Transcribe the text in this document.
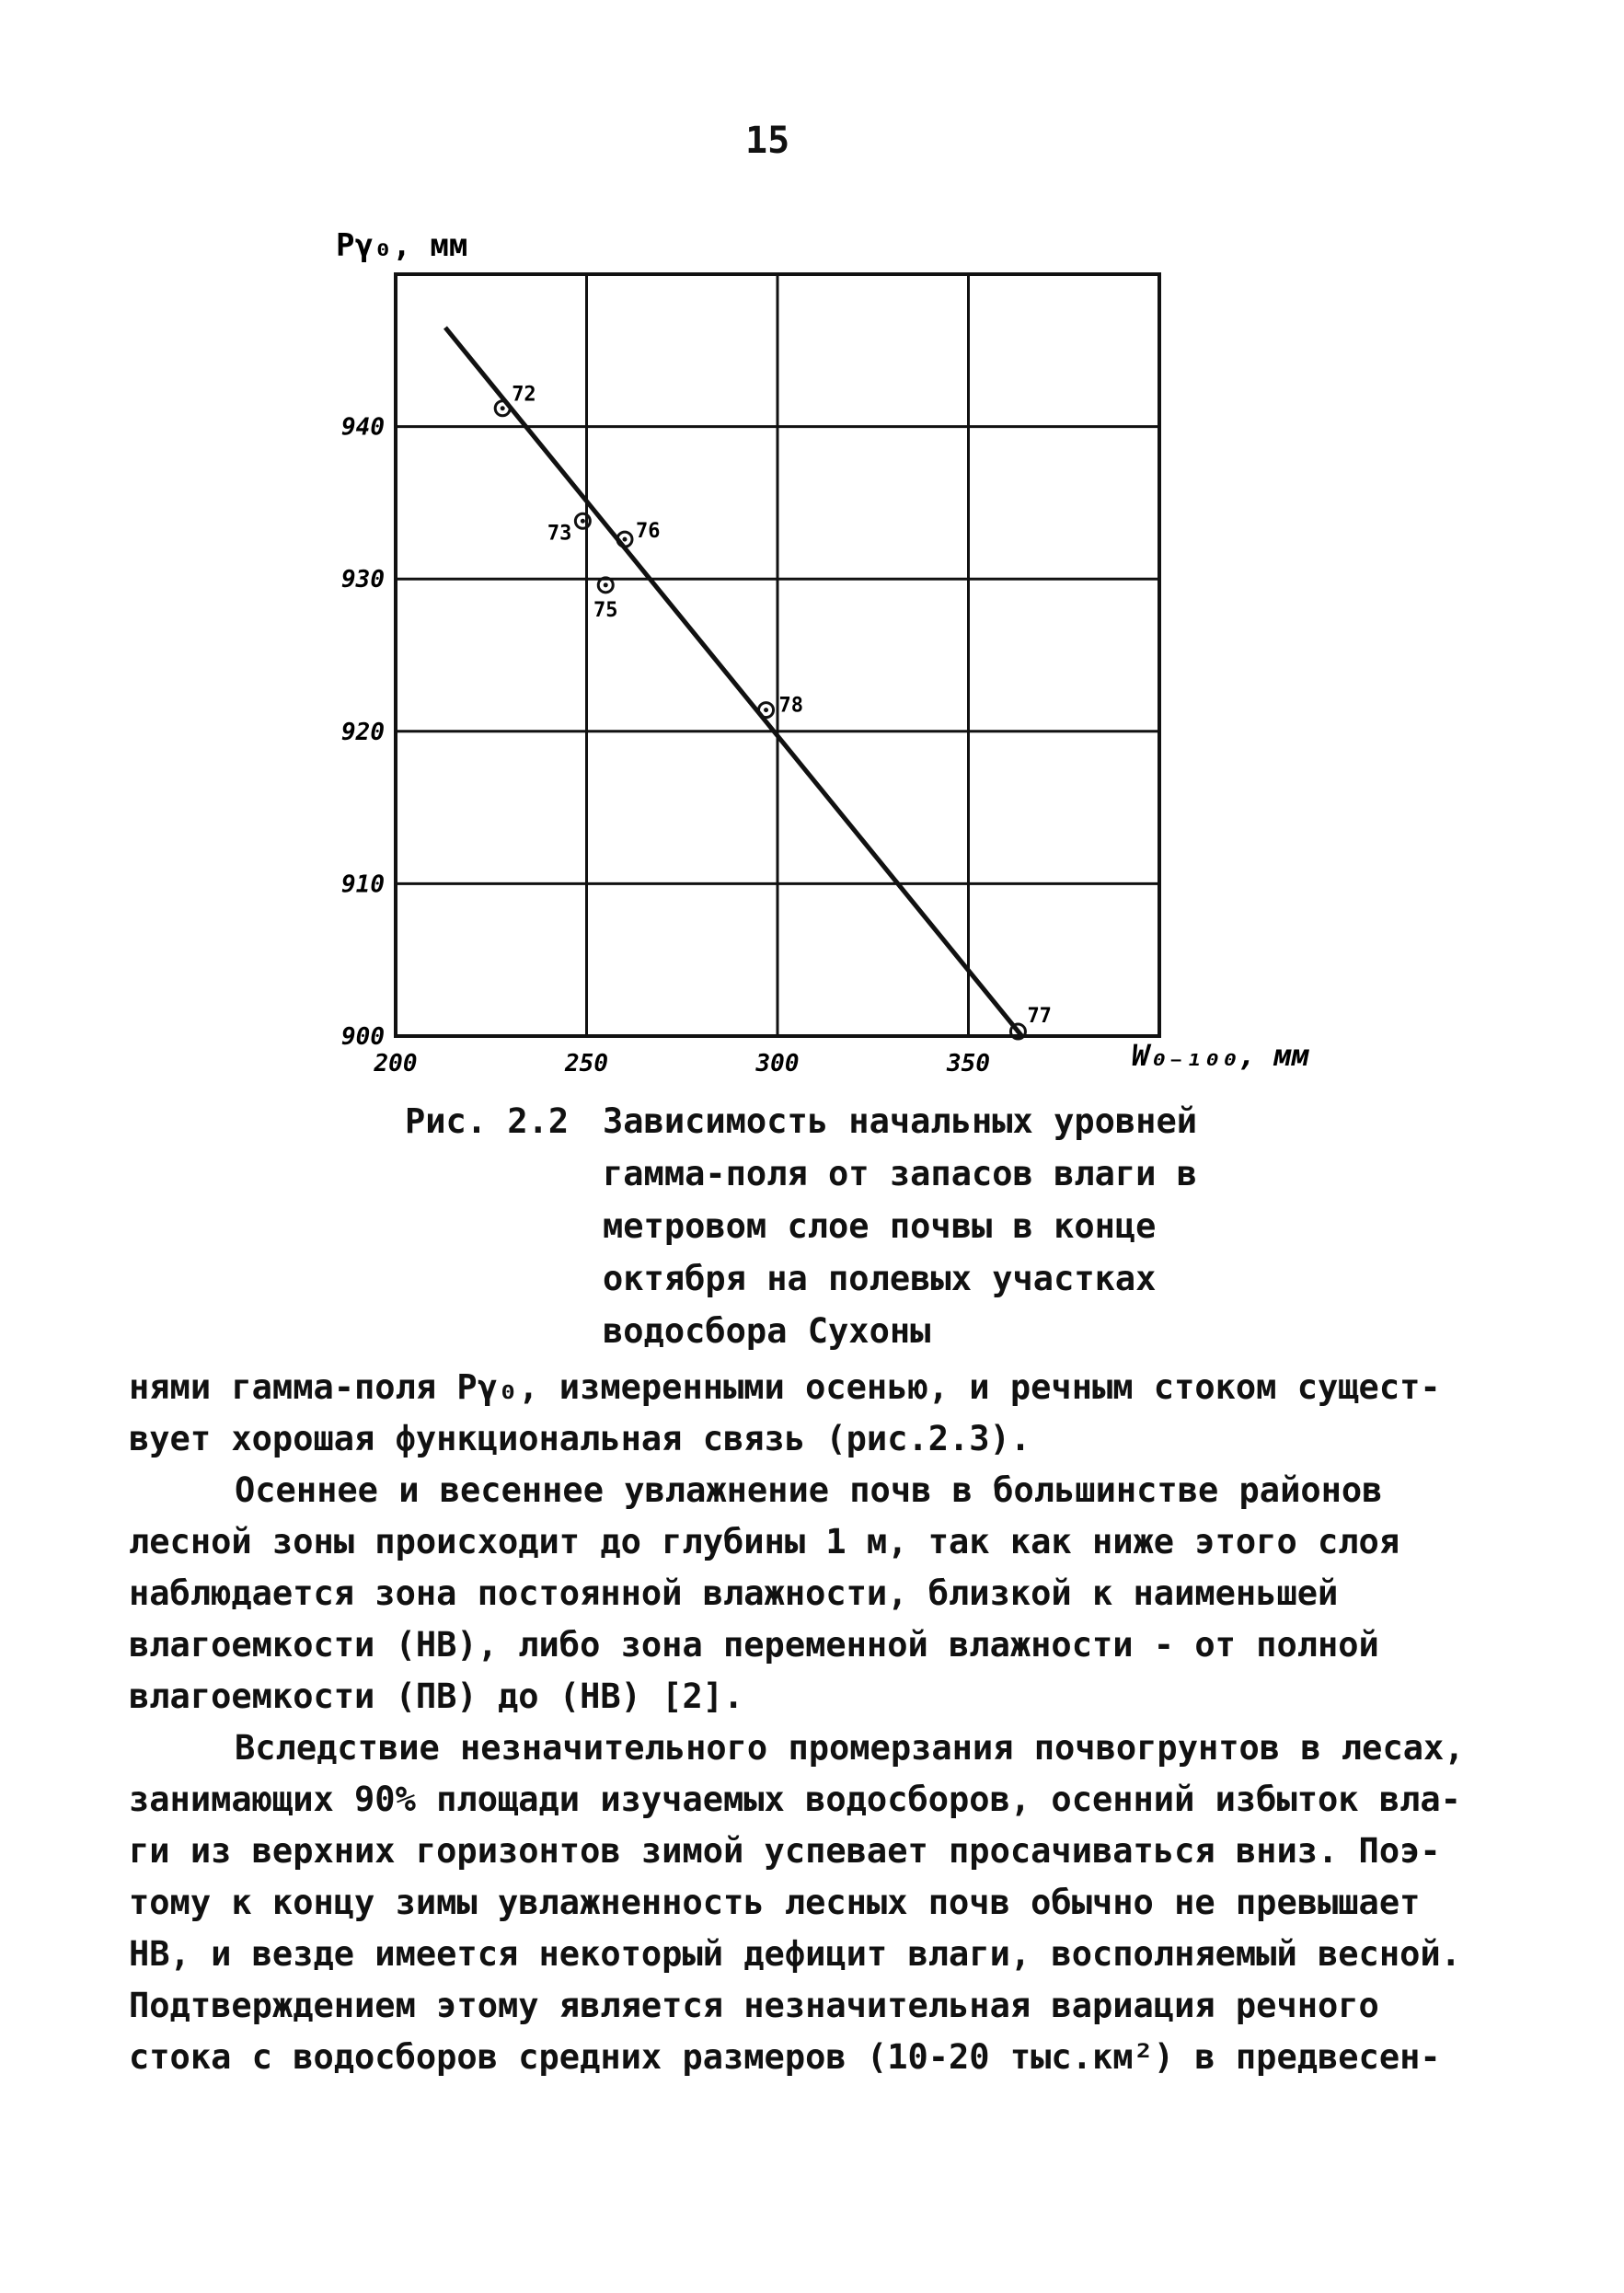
15
Pγ₀, мм
900
910
920
930
940
200	250	300	350
72
73	76
75
78
77
W₀₋₁₀₀, мм
Рис. 2.2 Зависимость начальных уровней
гамма-поля от запасов влаги в
метровом слое почвы в конце
октября на полевых участках
водосбора Сухоны
нями гамма-поля Pγ₀, измеренными осенью, и речным стоком сущест-
вует хорошая функциональная связь (рис.2.3).
Осеннее и весеннее увлажнение почв в большинстве районов
лесной зоны происходит до глубины 1 м, так как ниже этого слоя
наблюдается зона постоянной влажности, близкой к наименьшей
влагоемкости (НВ), либо зона переменной влажности - от полной
влагоемкости (ПВ) до (НВ) [2].
Вследствие незначительного промерзания почвогрунтов в лесах,
занимающих 90% площади изучаемых водосборов, осенний избыток вла-
ги из верхних горизонтов зимой успевает просачиваться вниз. Поэ-
тому к концу зимы увлажненность лесных почв обычно не превышает
НВ, и везде имеется некоторый дефицит влаги, восполняемый весной.
Подтверждением этому является незначительная вариация речного
стока с водосборов средних размеров (10-20 тыс.км²) в предвесен-
